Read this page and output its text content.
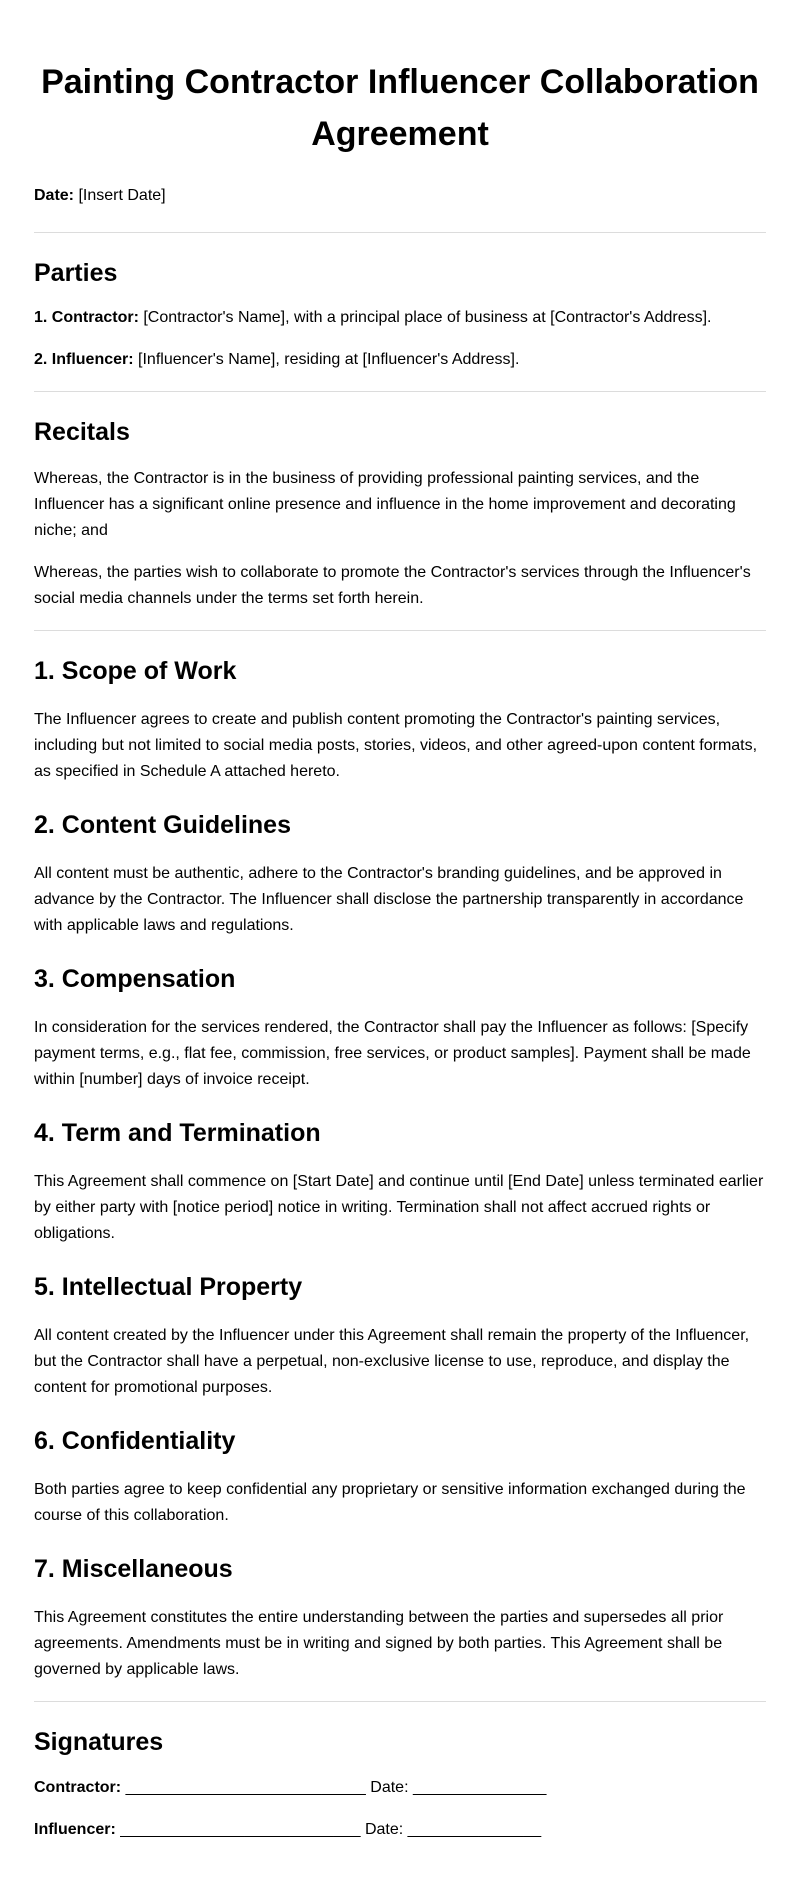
Painting Contractor Influencer Collaboration
Agreement

Date: [Insert Date]

Parties

1. Contractor: [Contractor's Name], with a principal place of business at [Contractor's Address].

2. Influencer: [Influencer's Name], residing at [Influencer's Address].

Recitals

Whereas, the Contractor is in the business of providing professional painting services, and the Influencer has a significant online presence and influence in the home improvement and decorating niche; and

Whereas, the parties wish to collaborate to promote the Contractor's services through the Influencer's social media channels under the terms set forth herein.

1. Scope of Work

The Influencer agrees to create and publish content promoting the Contractor's painting services, including but not limited to social media posts, stories, videos, and other agreed-upon content formats, as specified in Schedule A attached hereto.

2. Content Guidelines

All content must be authentic, adhere to the Contractor's branding guidelines, and be approved in advance by the Contractor. The Influencer shall disclose the partnership transparently in accordance with applicable laws and regulations.

3. Compensation

In consideration for the services rendered, the Contractor shall pay the Influencer as follows: [Specify payment terms, e.g., flat fee, commission, free services, or product samples]. Payment shall be made within [number] days of invoice receipt.

4. Term and Termination

This Agreement shall commence on [Start Date] and continue until [End Date] unless terminated earlier by either party with [notice period] notice in writing. Termination shall not affect accrued rights or obligations.

5. Intellectual Property

All content created by the Influencer under this Agreement shall remain the property of the Influencer, but the Contractor shall have a perpetual, non-exclusive license to use, reproduce, and display the content for promotional purposes.

6. Confidentiality

Both parties agree to keep confidential any proprietary or sensitive information exchanged during the course of this collaboration.

7. Miscellaneous

This Agreement constitutes the entire understanding between the parties and supersedes all prior agreements. Amendments must be in writing and signed by both parties. This Agreement shall be governed by applicable laws.

Signatures

Contractor: ___________________________ Date: _______________

Influencer: ___________________________ Date: _______________
